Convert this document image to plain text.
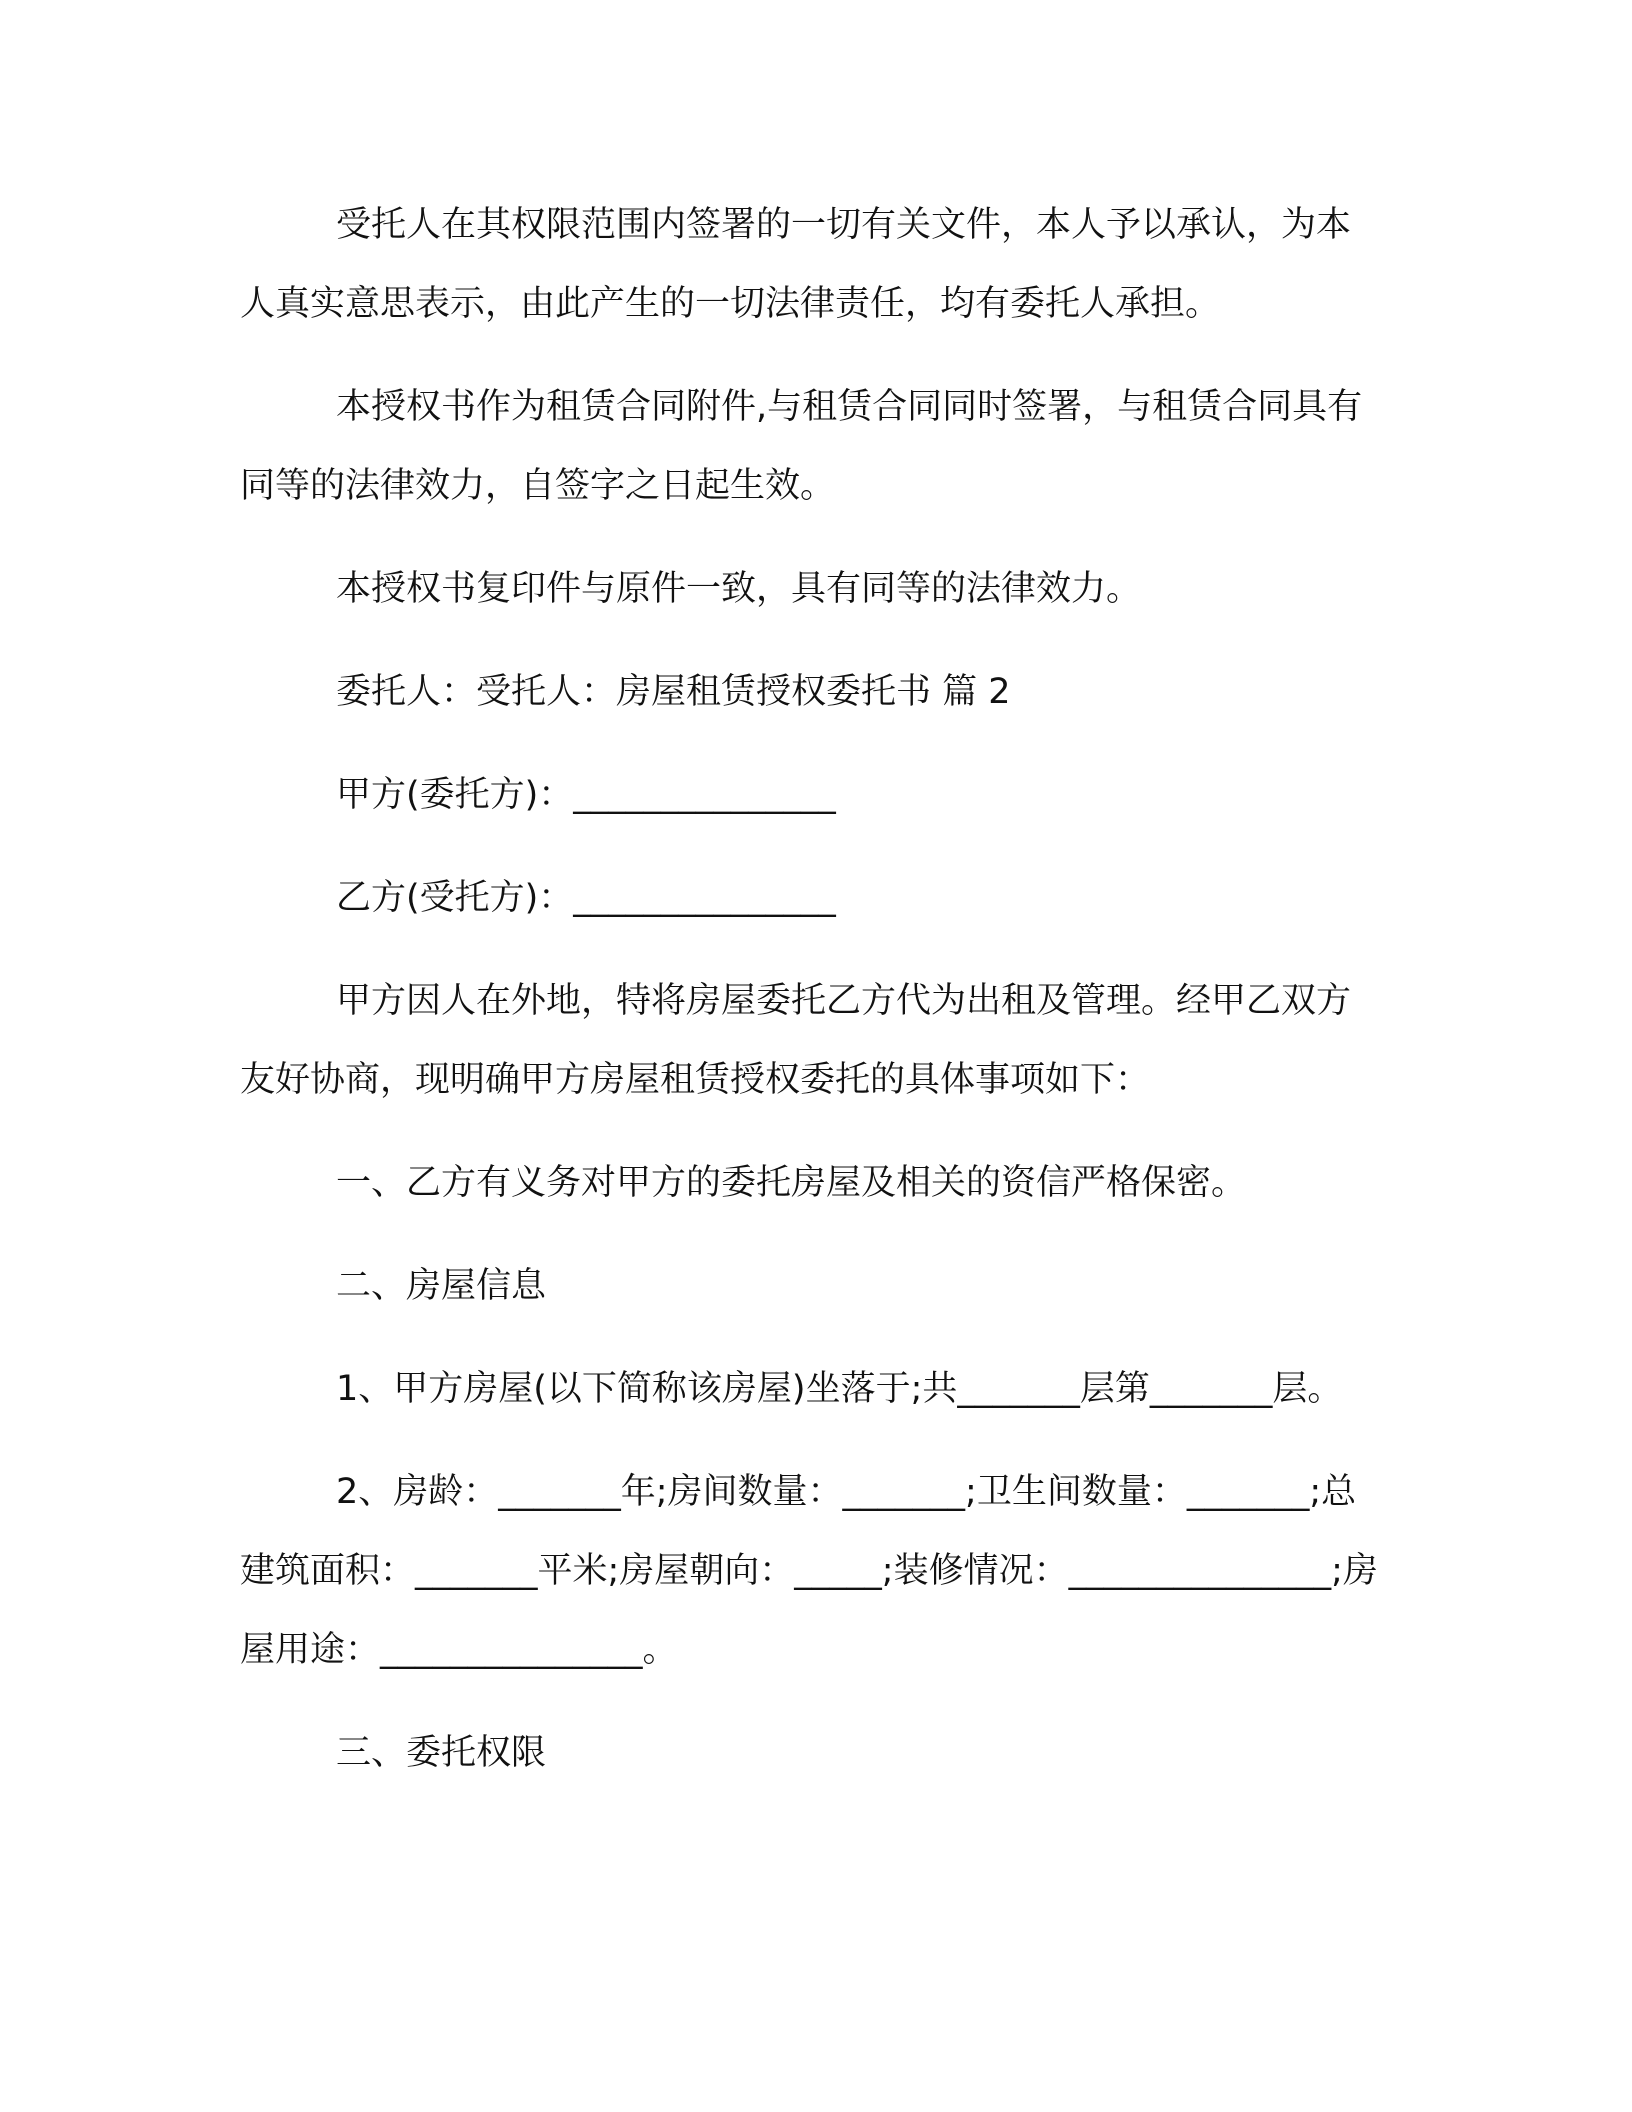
受托人在其权限范围内签署的一切有关文件，本人予以承认，为本人真实意思表示，由此产生的一切法律责任，均有委托人承担。

本授权书作为租赁合同附件,与租赁合同同时签署，与租赁合同具有同等的法律效力，自签字之日起生效。

本授权书复印件与原件一致，具有同等的法律效力。

委托人：受托人：房屋租赁授权委托书 篇 2

甲方(委托方)：_______________

乙方(受托方)：_______________

甲方因人在外地，特将房屋委托乙方代为出租及管理。经甲乙双方友好协商，现明确甲方房屋租赁授权委托的具体事项如下：

一、乙方有义务对甲方的委托房屋及相关的资信严格保密。

二、房屋信息

1、甲方房屋(以下简称该房屋)坐落于;共_______层第_______层。

2、房龄：_______年;房间数量：_______;卫生间数量：_______;总建筑面积：_______平米;房屋朝向：_____;装修情况：_______________;房屋用途：_______________。

三、委托权限
